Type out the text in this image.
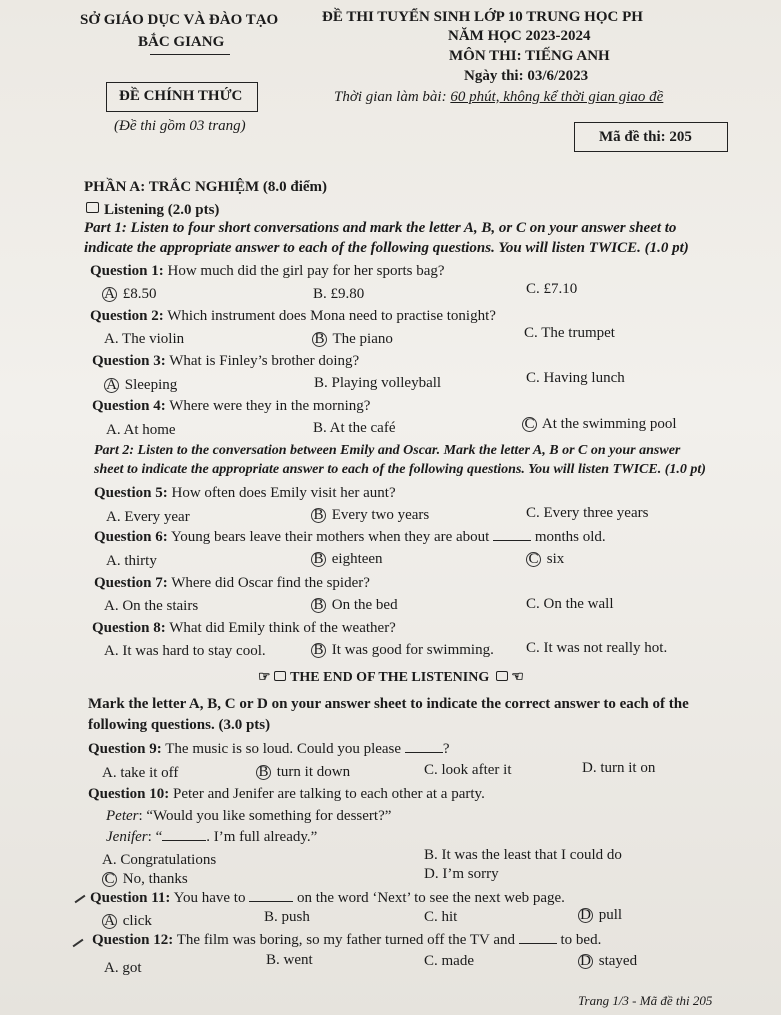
SỞ GIÁO DỤC VÀ ĐÀO TẠO
BẮC GIANG
ĐỀ THI TUYỂN SINH LỚP 10 TRUNG HỌC PH
NĂM HỌC 2023-2024
MÔN THI: TIẾNG ANH
Ngày thi: 03/6/2023
ĐỀ CHÍNH THỨC	Thời gian làm bài: 60 phút, không kể thời gian giao đề
(Đề thi gồm 03 trang)
Mã đề thi: 205
PHẦN A: TRẮC NGHIỆM (8.0 điểm)
Listening (2.0 pts)
Part 1: Listen to four short conversations and mark the letter A, B, or C on your answer sheet to
indicate the appropriate answer to each of the following questions. You will listen TWICE. (1.0 pt)
Question 1: How much did the girl pay for her sports bag?
A £8.50	B. £9.80	C. £7.10
Question 2: Which instrument does Mona need to practise tonight?
A. The violin	B The piano	C. The trumpet
Question 3: What is Finley’s brother doing?
A Sleeping	B. Playing volleyball	C. Having lunch
Question 4: Where were they in the morning?
A. At home	B. At the café	C At the swimming pool
Part 2: Listen to the conversation between Emily and Oscar. Mark the letter A, B or C on your answer
sheet to indicate the appropriate answer to each of the following questions. You will listen TWICE. (1.0 pt)
Question 5: How often does Emily visit her aunt?
A. Every year	B Every two years	C. Every three years
Question 6: Young bears leave their mothers when they are about	months old.
A. thirty	B eighteen	C six
Question 7: Where did Oscar find the spider?
A. On the stairs	B On the bed	C. On the wall
Question 8: What did Emily think of the weather?
A. It was hard to stay cool.	B It was good for swimming. C. It was not really hot.
☞ THE END OF THE LISTENING  ☜
Mark the letter A, B, C or D on your answer sheet to indicate the correct answer to each of the
following questions. (3.0 pts)
Question 9: The music is so loud. Could you please	?
A. take it off	B turn it down	C. look after it	D. turn it on
Question 10: Peter and Jenifer are talking to each other at a party.
Peter: “Would you like something for dessert?”
Jenifer: “	. I’m full already.”
A. Congratulations	B. It was the least that I could do
C No, thanks	D. I’m sorry
Question 11: You have to	on the word ‘Next’ to see the next web page.
A click	B. push	C. hit	D pull
Question 12: The film was boring, so my father turned off the TV and	to bed.
A. got	B. went	C. made	D stayed
Trang 1/3 - Mã đề thi 205
